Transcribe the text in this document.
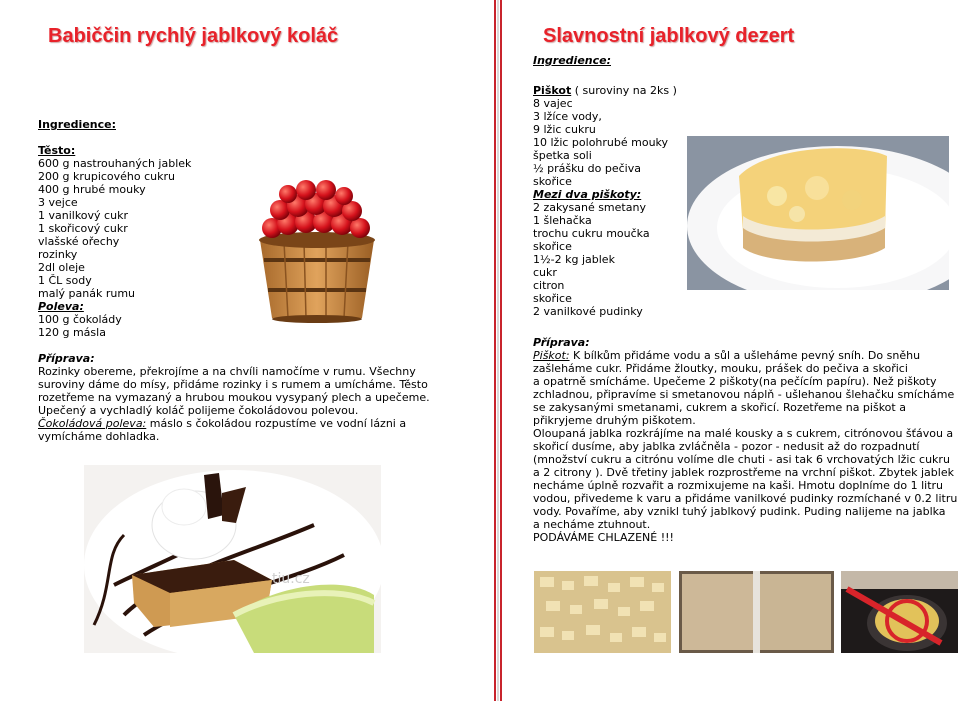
Babiččin rychlý jablkový koláč
Ingredience:
Těsto:
600 g nastrouhaných jablek
200 g krupicového cukru
400 g hrubé mouky
3 vejce
1 vanilkový cukr
1 skořicový cukr
vlašské ořechy
rozinky
2dl oleje
1 ČL sody
malý panák rumu
Poleva:
100 g čokolády
120 g másla
Příprava:
Rozinky obereme, překrojíme a na chvíli namočíme v rumu. Všechny
suroviny dáme do mísy, přidáme rozinky i s rumem a umícháme. Těsto
rozetřeme na vymazaný a hrubou moukou vysypaný plech a upečeme.
Upečený a vychladlý koláč polijeme čokoládovou polevou.
Čokoládová poleva: máslo s čokoládou rozpustíme ve vodní lázni a
vymícháme dohladka.
tiu.cz
Slavnostní jablkový dezert
Ingredience:
Piškot ( suroviny na 2ks )
8 vajec
3 lžíce vody,
9 lžic cukru
10 lžic polohrubé mouky
špetka soli
½ prášku do pečiva
skořice
Mezi dva piškoty:
2 zakysané smetany
1 šlehačka
trochu cukru moučka
skořice
1½-2 kg jablek
cukr
citron
skořice
2 vanilkové pudinky
Příprava:
Piškot: K bílkům přidáme vodu a sůl a ušleháme pevný sníh. Do sněhu
zašleháme cukr. Přidáme žloutky, mouku, prášek do pečiva a skořici
a opatrně smícháme. Upečeme 2 piškoty(na pečícím papíru). Než piškoty
zchladnou, připravíme si smetanovou náplň - ušlehanou šlehačku smícháme
se zakysanými smetanami, cukrem a skořicí. Rozetřeme na piškot a
přikryjeme druhým piškotem.
Oloupaná jablka rozkrájíme na malé kousky a s cukrem, citrónovou šťávou a
skořicí dusíme, aby jablka zvláčněla - pozor - nedusit až do rozpadnutí
(množství cukru a citrónu volíme dle chuti - asi tak 6 vrchovatých lžic cukru
a 2 citrony ). Dvě třetiny jablek rozprostřeme na vrchní piškot. Zbytek jablek
necháme úplně rozvařit a rozmixujeme na kaši. Hmotu doplníme do 1 litru
vodou, přivedeme k varu a přidáme vanilkové pudinky rozmíchané v 0.2 litru
vody. Povaříme, aby vznikl tuhý jablkový pudink. Puding nalijeme na jablka
a necháme ztuhnout.
PODÁVÁME CHLAZENÉ !!!
